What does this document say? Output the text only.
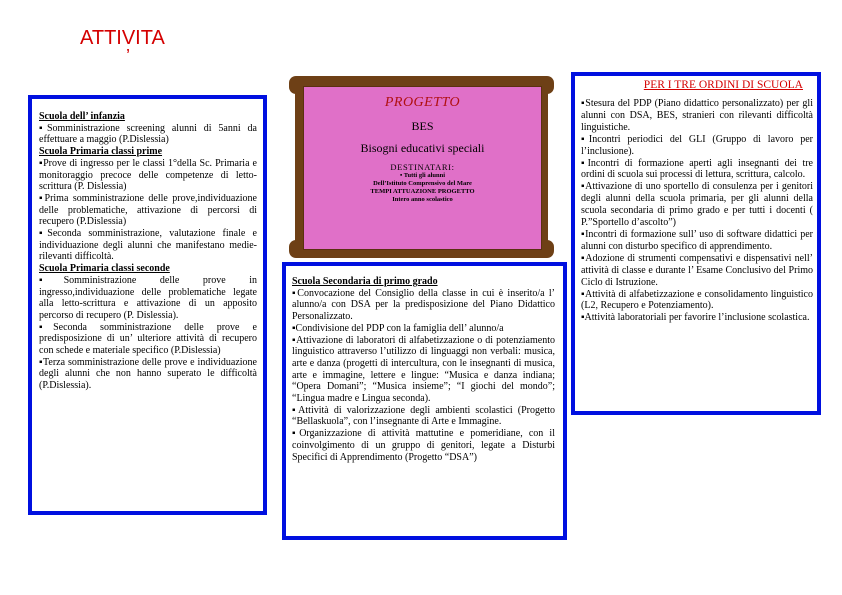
ATTIVITA
’

Scuola dell’ infanzia

▪Somministrazione screening alunni di 5anni da effettuare a maggio (P.Dislessia)

Scuola Primaria classi prime

▪Prove di ingresso per le classi 1°della Sc. Primaria e monitoraggio precoce delle competenze di letto-scrittura (P. Dislessia)

▪Prima somministrazione delle prove,individuazione delle problematiche, attivazione di percorsi di recupero (P.Dislessia)

▪Seconda somministrazione, valutazione finale e individuazione degli alunni che manifestano medie-rilevanti difficoltà.

Scuola Primaria classi seconde

▪Somministrazione delle prove in ingresso,individuazione delle problematiche legate alla letto-scrittura e attivazione di un apposito percorso di recupero (P. Dislessia).

▪Seconda somministrazione delle prove e predisposizione di un’ ulteriore attività di recupero con schede e materiale specifico (P.Dislessia)

▪Terza somministrazione delle prove e individuazione degli alunni che non hanno superato le difficoltà (P.Dislessia).

PROGETTO
BES
Bisogni educativi speciali
DESTINATARI:
▪ Tutti gli alunni
Dell’Istituto Comprensivo del Mare
TEMPI ATTUAZIONE PROGETTO
Intero anno scolastico

Scuola Secondaria di primo grado

▪Convocazione del Consiglio della classe in cui è inserito/a l’ alunno/a con DSA per la predisposizione del Piano Didattico Personalizzato.

▪Condivisione del PDP con la famiglia dell’ alunno/a

▪Attivazione di laboratori di alfabetizzazione o di potenziamento linguistico attraverso l’utilizzo di linguaggi non verbali: musica, arte e danza (progetti di intercultura, con le insegnanti di musica, arte e immagine, lettere e lingue: “Musica e danza indiana; “Opera Domani”; “Musica insieme”; “I giochi del mondo”; “Lingua madre e Lingua seconda).

▪Attività di valorizzazione degli ambienti scolastici (Progetto “Bellaskuola”, con l’insegnante di Arte e Immagine.

▪Organizzazione di attività mattutine e pomeridiane, con il coinvolgimento di un gruppo di genitori, legate a Disturbi Specifici di Apprendimento (Progetto “DSA”)

PER I TRE ORDINI DI SCUOLA

▪Stesura del PDP (Piano didattico personalizzato) per gli alunni con DSA, BES, stranieri con rilevanti difficoltà linguistiche.

▪Incontri periodici del GLI (Gruppo di lavoro per l’inclusione).

▪Incontri di formazione aperti agli insegnanti dei tre ordini di scuola sui processi di lettura, scrittura, calcolo.

▪Attivazione di uno sportello di consulenza per i genitori degli alunni della scuola primaria, per gli alunni della scuola secondaria di primo grado e per tutti i docenti ( P.”Sportello d’ascolto”)

▪Incontri di formazione sull’ uso di software didattici per alunni con disturbo specifico di apprendimento.

▪Adozione di strumenti compensativi e dispensativi nell’ attività di classe e durante l’ Esame Conclusivo del Primo Ciclo di Istruzione.

▪Attività di alfabetizzazione e consolidamento linguistico (L2, Recupero e Potenziamento).

▪Attività laboratoriali per favorire l’inclusione scolastica.
